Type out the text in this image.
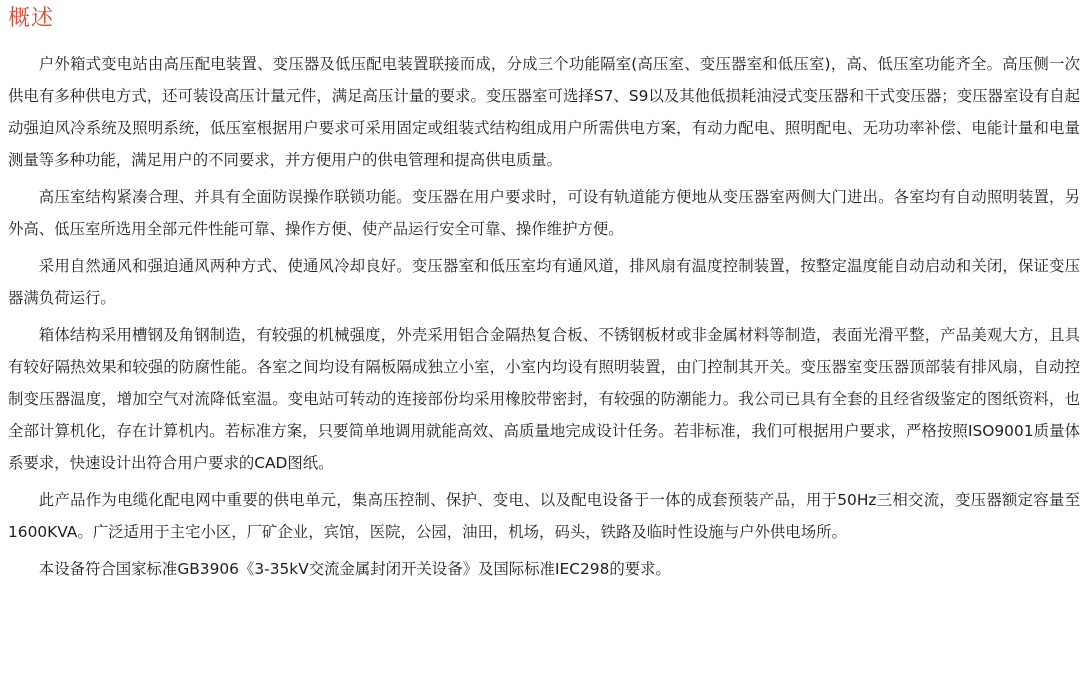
概述

户外箱式变电站由高压配电装置、变压器及低压配电装置联接而成，分成三个功能隔室(高压室、变压器室和低压室)，高、低压室功能齐全。高压侧一次供电有多种供电方式，还可装设高压计量元件，满足高压计量的要求。变压器室可选择S7、S9以及其他低损耗油浸式变压器和干式变压器；变压器室设有自起动强迫风冷系统及照明系统，低压室根据用户要求可采用固定或组装式结构组成用户所需供电方案，有动力配电、照明配电、无功功率补偿、电能计量和电量测量等多种功能，满足用户的不同要求，并方便用户的供电管理和提高供电质量。

高压室结构紧凑合理、并具有全面防误操作联锁功能。变压器在用户要求时，可设有轨道能方便地从变压器室两侧大门进出。各室均有自动照明装置，另外高、低压室所选用全部元件性能可靠、操作方便、使产品运行安全可靠、操作维护方便。

采用自然通风和强迫通风两种方式、使通风冷却良好。变压器室和低压室均有通风道，排风扇有温度控制装置，按整定温度能自动启动和关闭，保证变压器满负荷运行。

箱体结构采用槽钢及角钢制造，有较强的机械强度，外壳采用铝合金隔热复合板、不锈钢板材或非金属材料等制造，表面光滑平整，产品美观大方，且具有较好隔热效果和较强的防腐性能。各室之间均设有隔板隔成独立小室，小室内均设有照明装置，由门控制其开关。变压器室变压器顶部装有排风扇，自动控制变压器温度，增加空气对流降低室温。变电站可转动的连接部份均采用橡胶带密封，有较强的防潮能力。我公司已具有全套的且经省级鉴定的图纸资料，也全部计算机化，存在计算机内。若标准方案，只要简单地调用就能高效、高质量地完成设计任务。若非标准，我们可根据用户要求，严格按照ISO9001质量体系要求，快速设计出符合用户要求的CAD图纸。

此产品作为电缆化配电网中重要的供电单元，集高压控制、保护、变电、以及配电设备于一体的成套预装产品，用于50Hz三相交流，变压器额定容量至1600KVA。广泛适用于主宅小区，厂矿企业，宾馆，医院，公园，油田，机场，码头，铁路及临时性设施与户外供电场所。

本设备符合国家标准GB3906《3-35kV交流金属封闭开关设备》及国际标准IEC298的要求。
